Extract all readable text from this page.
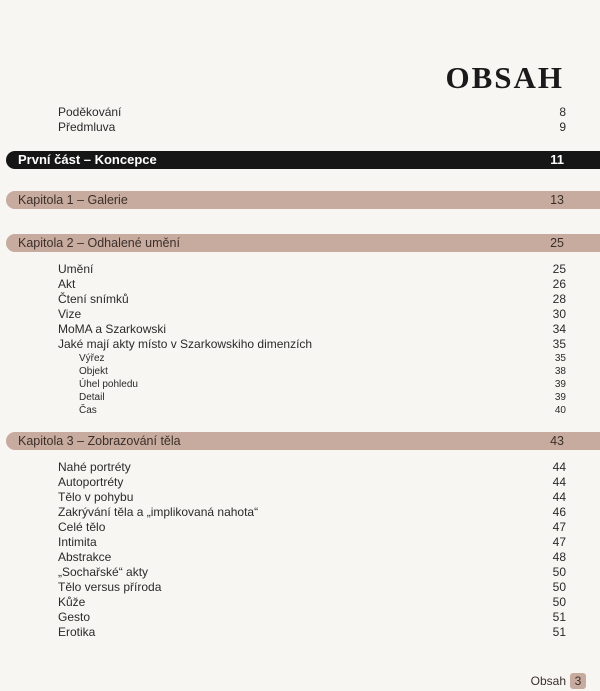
OBSAH
Poděkování	8
Předmluva	9
První část – Koncepce	11
Kapitola 1 – Galerie	13
Kapitola 2 – Odhalené umění	25
Umění	25
Akt	26
Čtení snímků	28
Vize	30
MoMA a Szarkowski	34
Jaké mají akty místo v Szarkowskiho dimenzích	35
Výřez	35
Objekt	38
Úhel pohledu	39
Detail	39
Čas	40
Kapitola 3 – Zobrazování těla	43
Nahé portréty	44
Autoportréty	44
Tělo v pohybu	44
Zakrývání těla a „implikovaná nahota“	46
Celé tělo	47
Intimita	47
Abstrakce	48
„Sochařské“ akty	50
Tělo versus příroda	50
Kůže	50
Gesto	51
Erotika	51
Obsah 3
